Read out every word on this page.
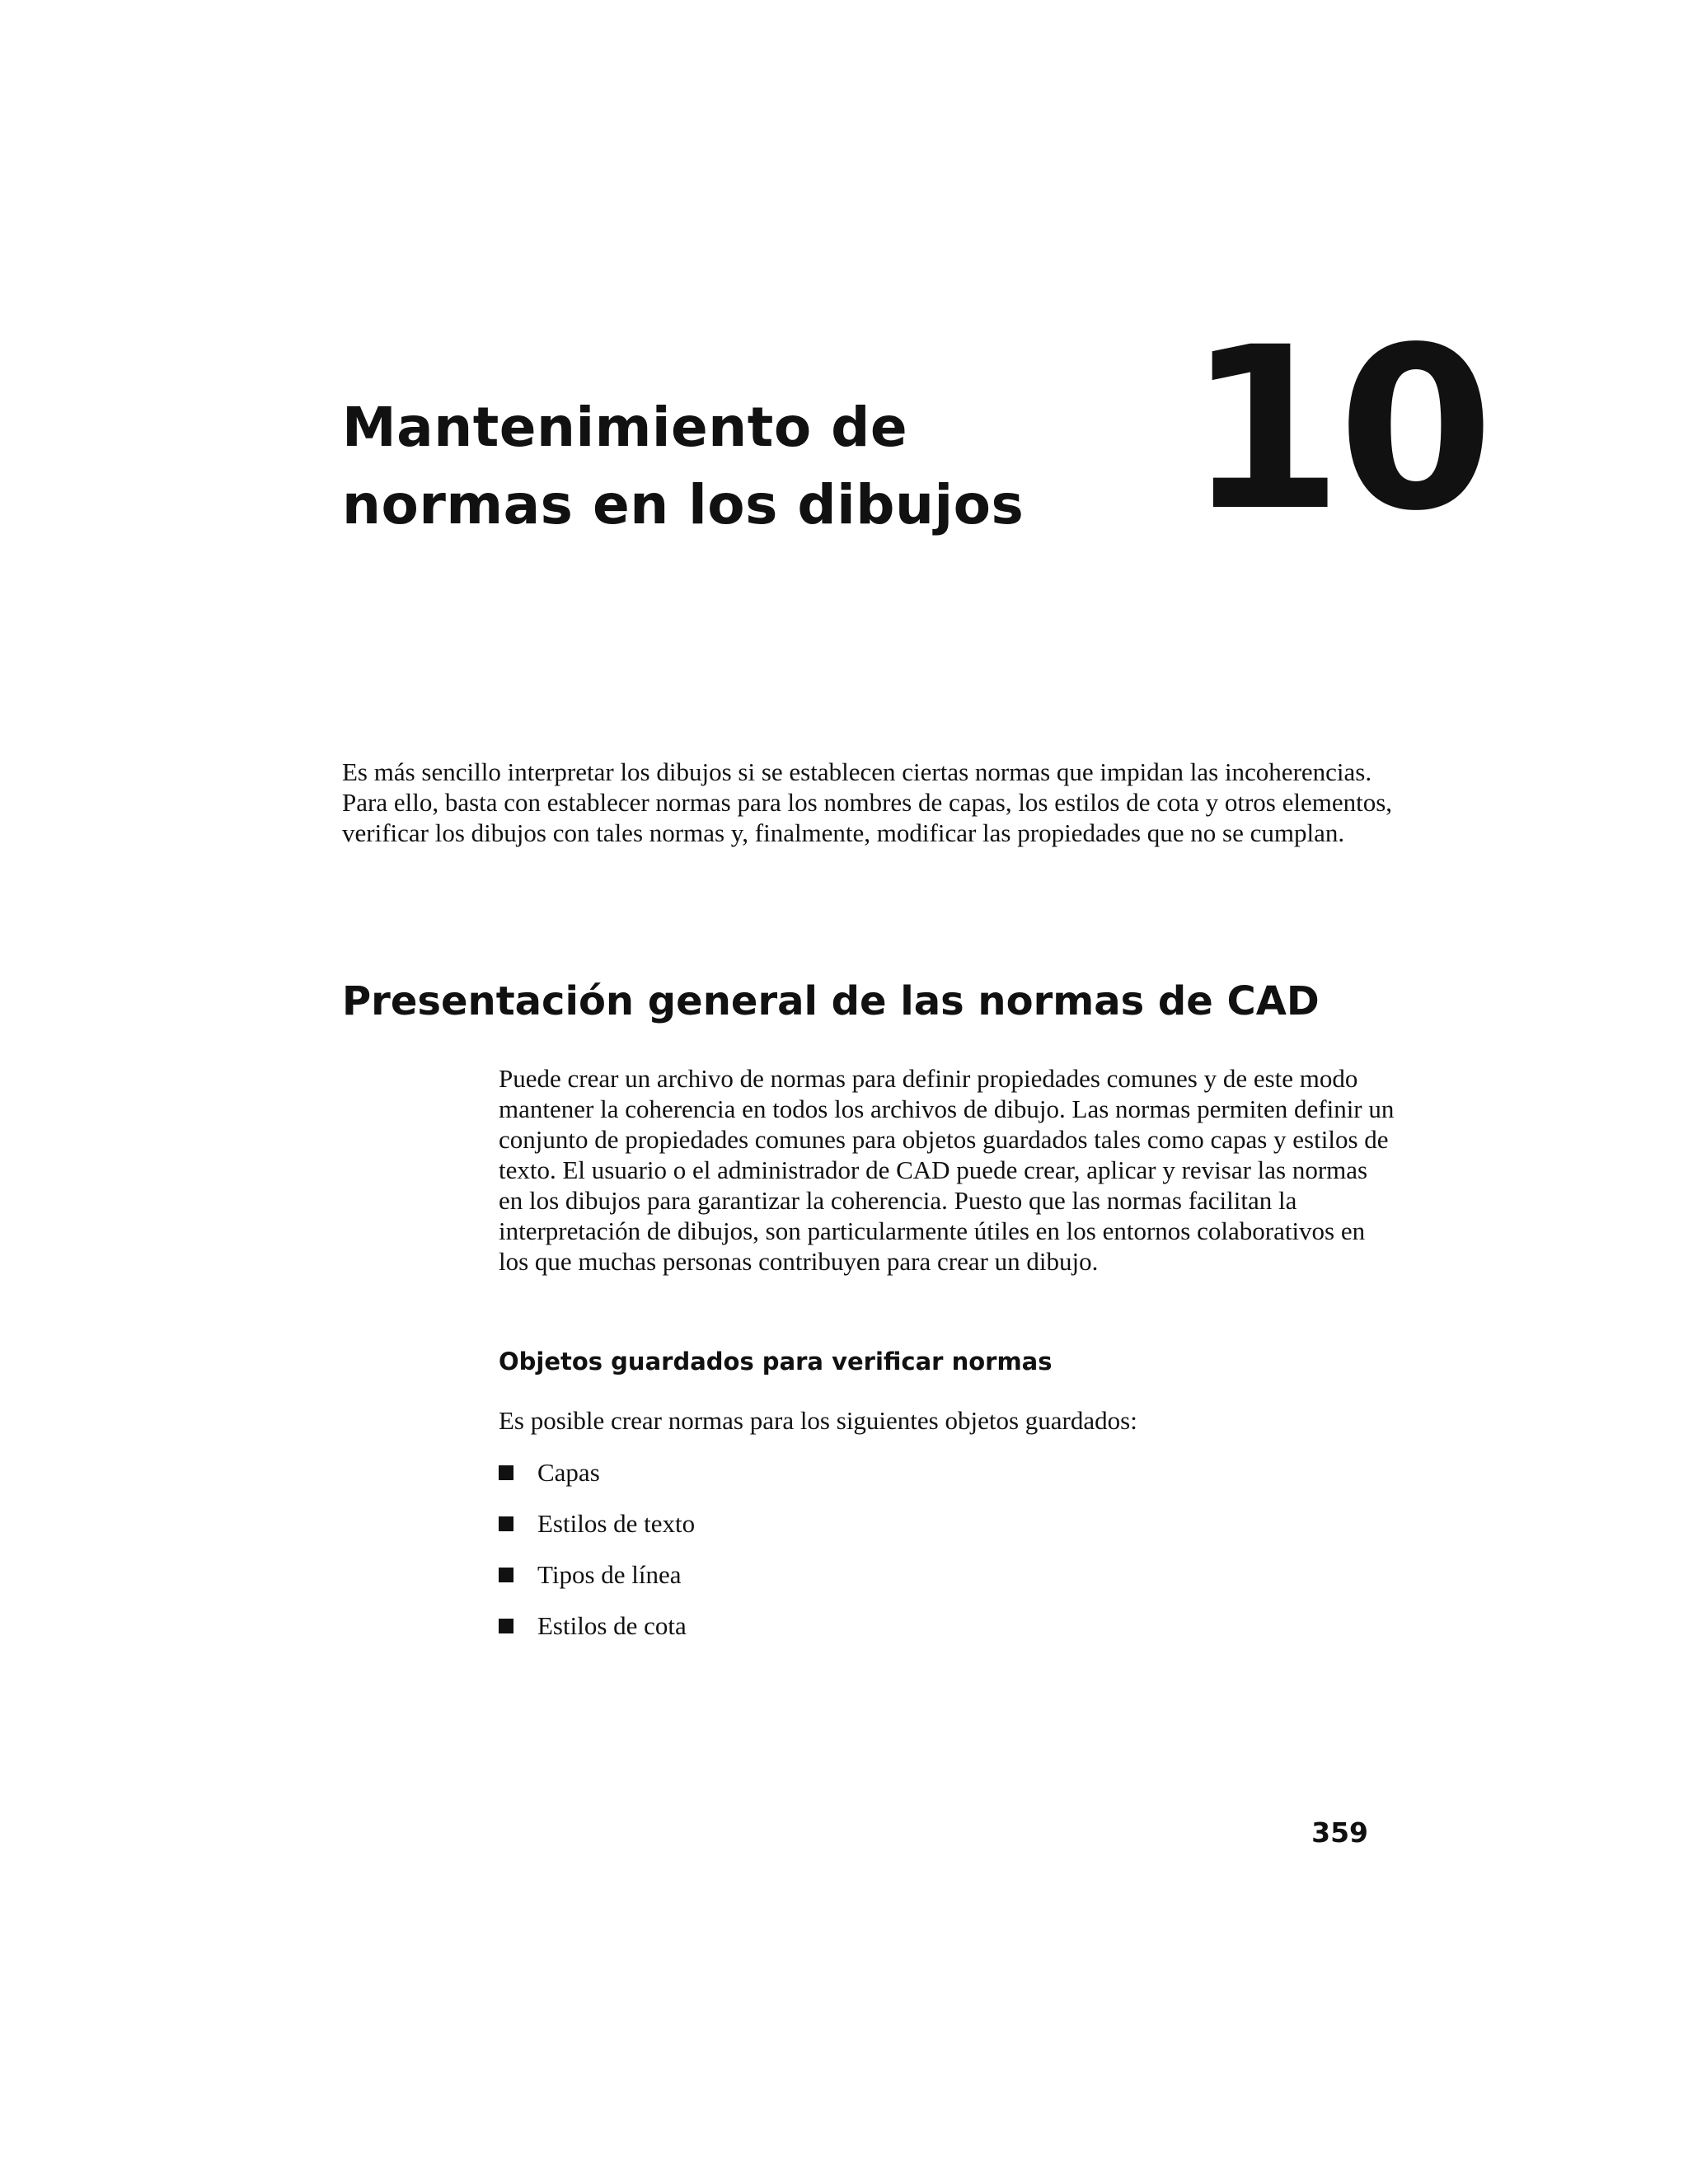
Mantenimiento de
normas en los dibujos 10

Es más sencillo interpretar los dibujos si se establecen ciertas normas que impidan las incoherencias. Para ello, basta con establecer normas para los nombres de capas, los estilos de cota y otros elementos, verificar los dibujos con tales normas y, finalmente, modificar las propiedades que no se cumplan.

Presentación general de las normas de CAD

Puede crear un archivo de normas para definir propiedades comunes y de este modo mantener la coherencia en todos los archivos de dibujo. Las normas permiten definir un conjunto de propiedades comunes para objetos guardados tales como capas y estilos de texto. El usuario o el administrador de CAD puede crear, aplicar y revisar las normas en los dibujos para garantizar la coherencia. Puesto que las normas facilitan la interpretación de dibujos, son particularmente útiles en los entornos colaborativos en los que muchas personas contribuyen para crear un dibujo.

Objetos guardados para verificar normas

Es posible crear normas para los siguientes objetos guardados:

Capas
Estilos de texto
Tipos de línea
Estilos de cota
359
